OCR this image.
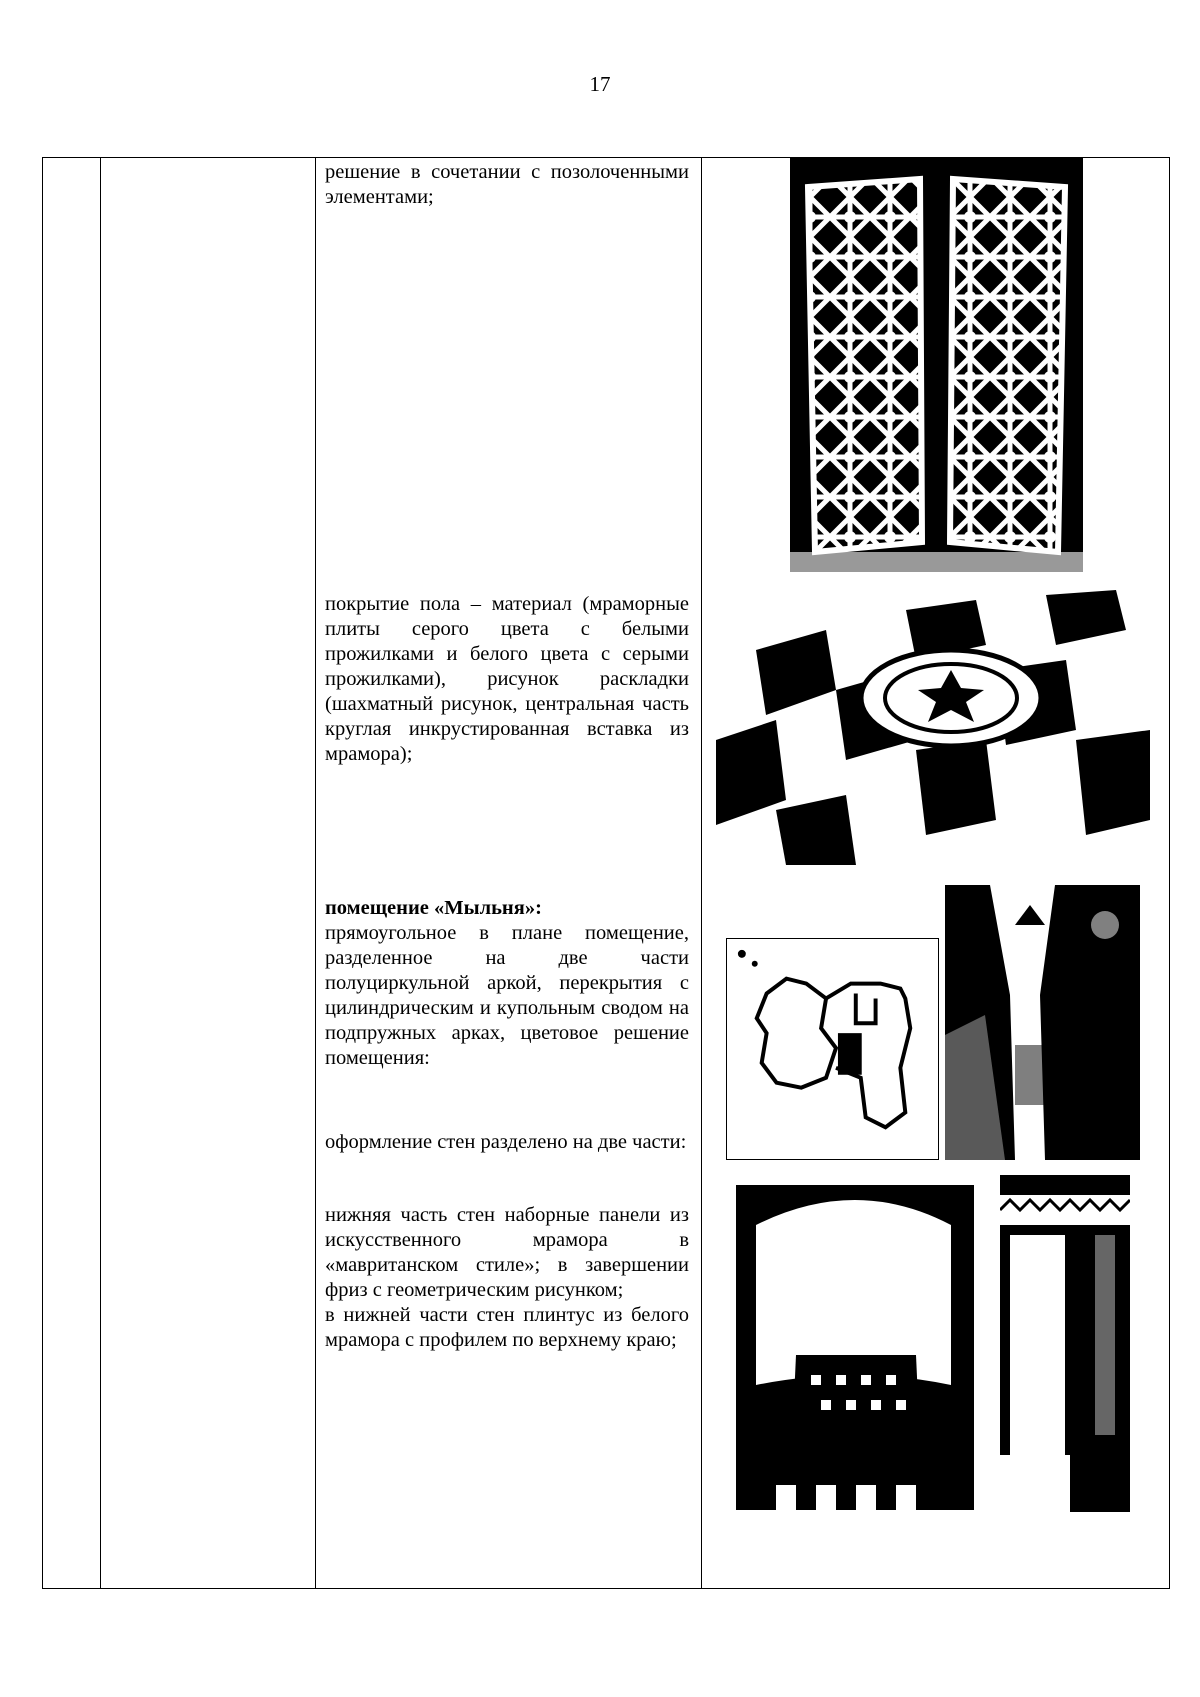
17
решение в сочетании с позолоченными элементами;
покрытие пола – материал (мраморные плиты серого цвета с белыми прожилками и белого цвета с серыми прожилками), рисунок раскладки (шахматный рисунок, центральная часть круглая инкрустированная вставка из мрамора);
помещение «Мыльня»:
прямоугольное в плане помещение, разделенное на две части полуциркульной аркой, перекрытия с цилиндрическим и купольным сводом на подпружных арках, цветовое решение помещения:
оформление стен разделено на две части:
нижняя часть стен наборные панели из искусственного мрамора в «мавританском стиле»; в завершении фриз с геометрическим рисунком;
в нижней части стен плинтус из белого мрамора с профилем по верхнему краю;
